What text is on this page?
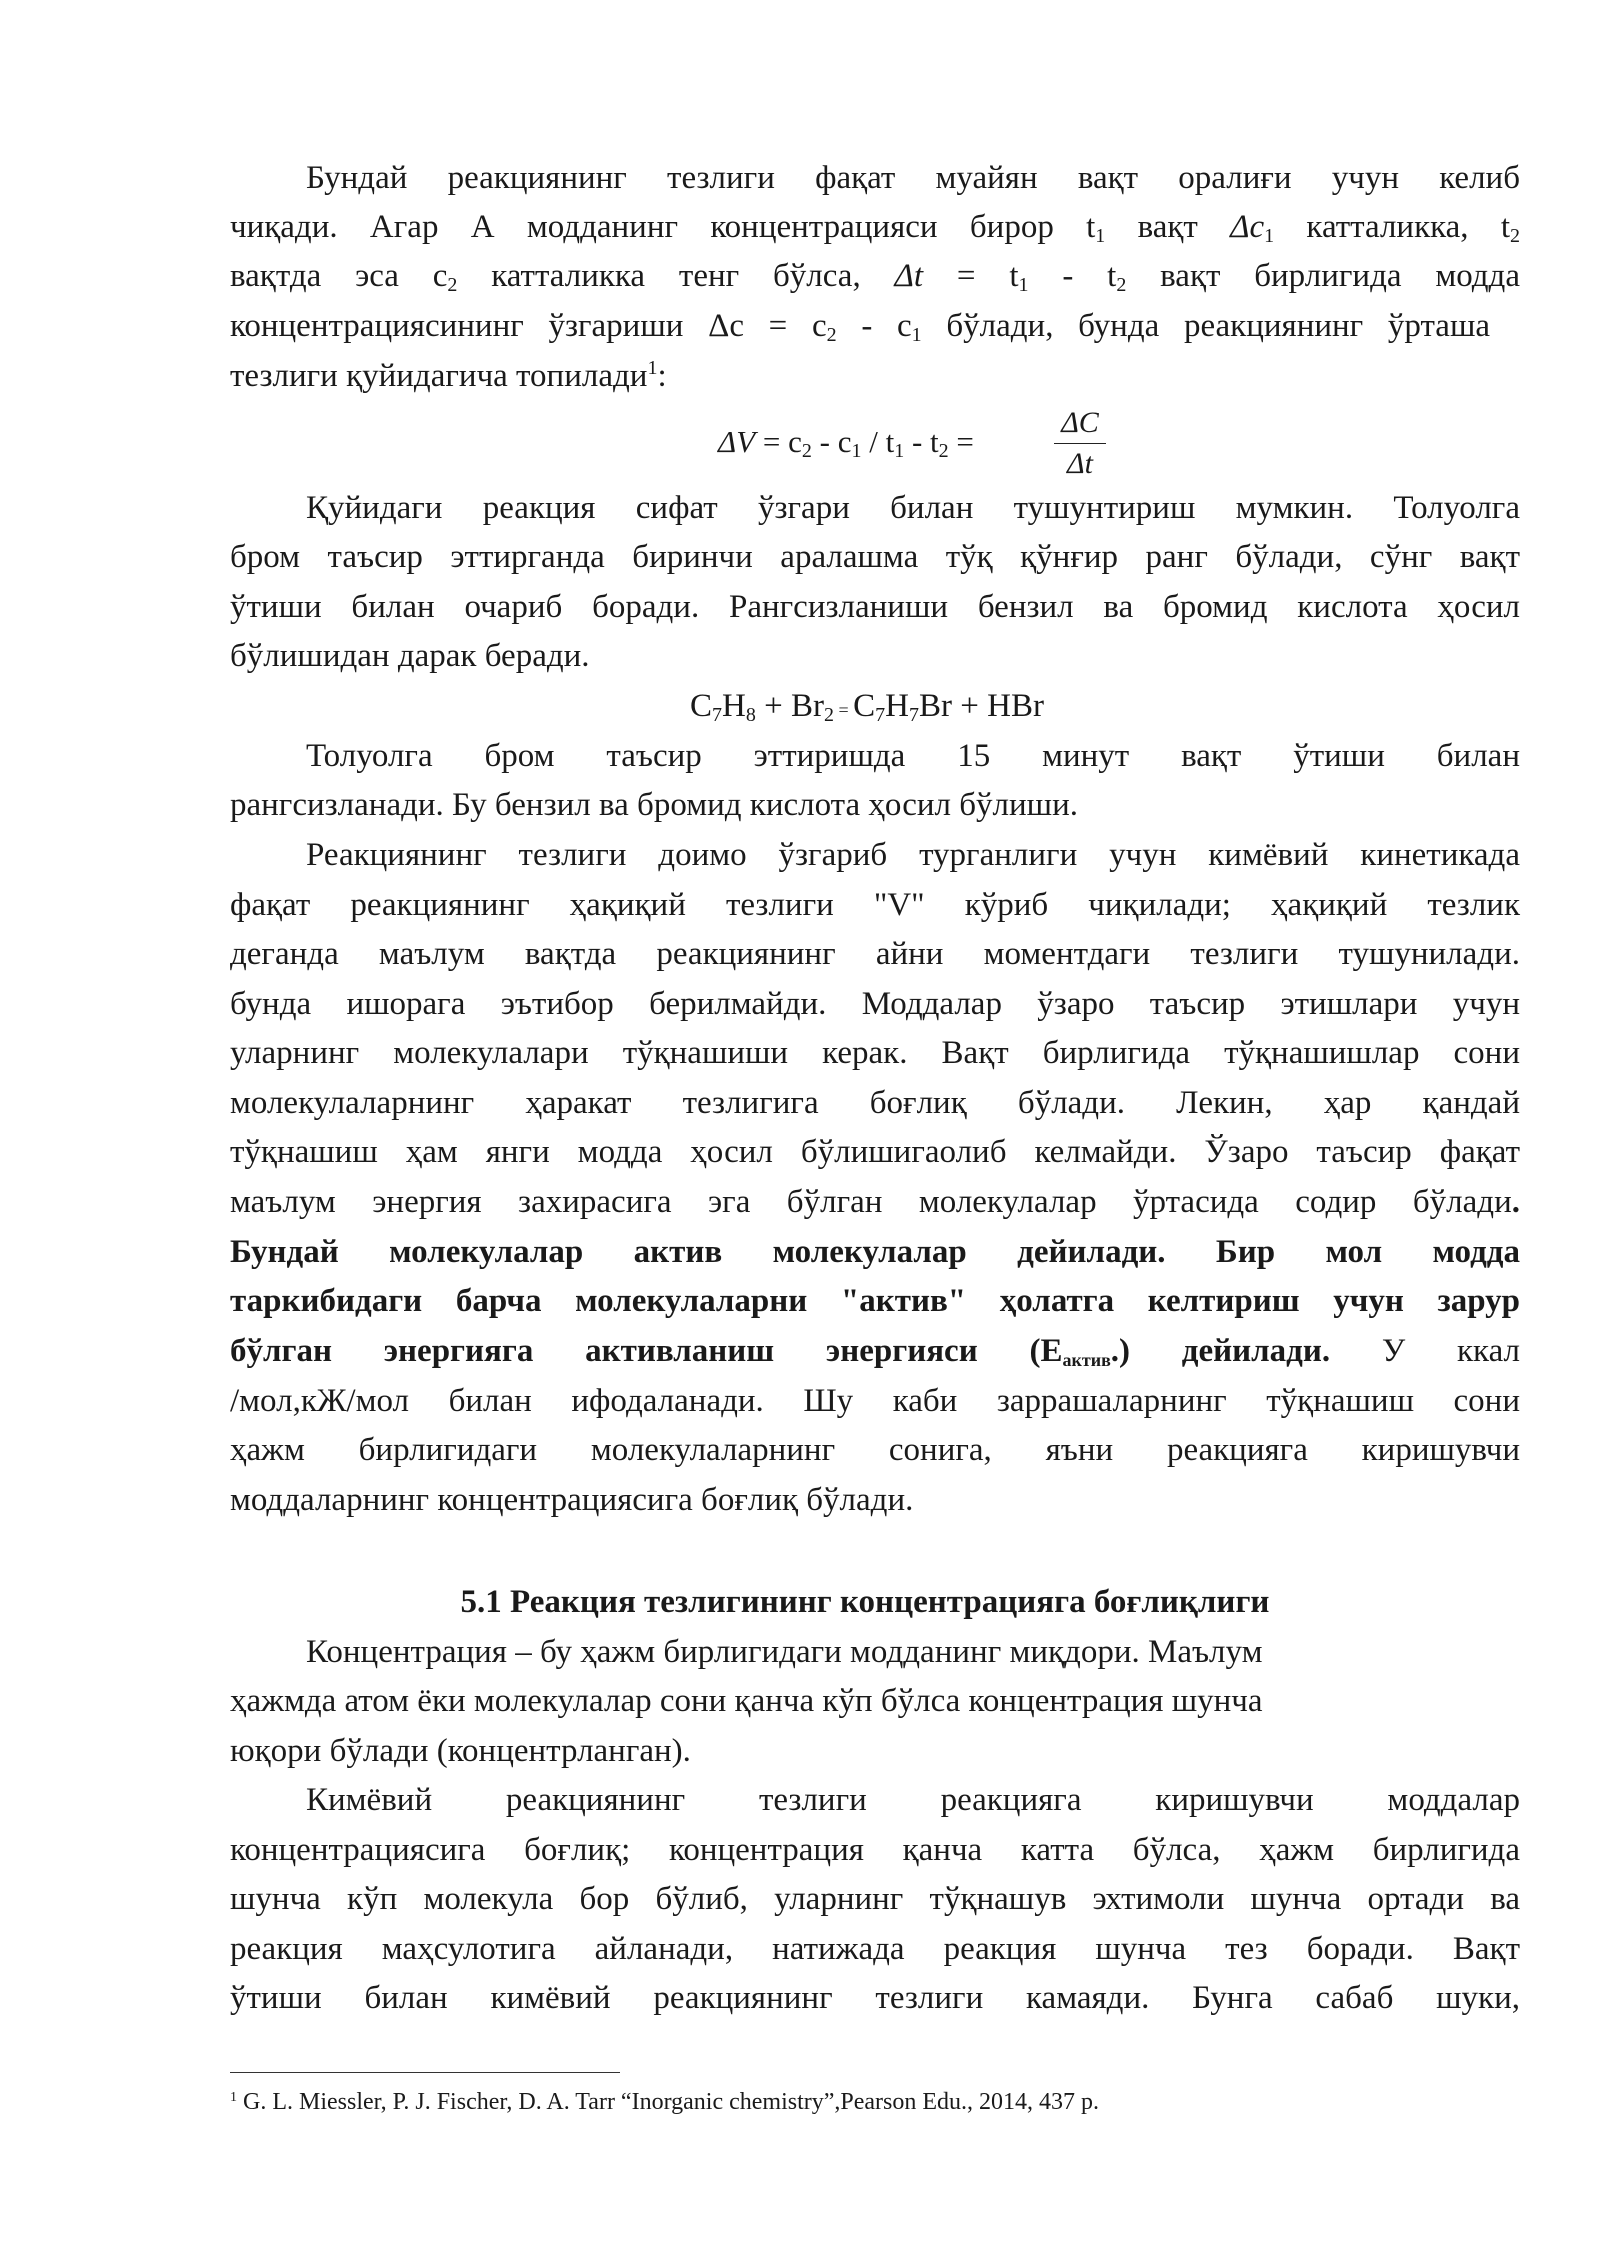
Бундай реакциянинг тезлиги фақат муайян вақт оралиғи учун келиб
чиқади. Агар А модданинг концентрацияси бирор $t_1$ вақт $\Delta c_1$ катталикка, $t_2$
вақтда эса $с_2$ катталикка тенг бўлса, $\Delta t = t_1 - t_2$ вақт бирлигида модда
концентрациясининг ўзгариши $\Delta с = с_2 - с_1$ бўлади, бунда реакциянинг ўрташа
тезлиги қуйидагича топилади$^1$:
$\Delta V = c_2 - c_1 / t_1 - t_2$ =
ΔC
Δt
Қуйидаги реакция сифат ўзгари билан тушунтириш мумкин. Толуолга
бром таъсир эттирганда биринчи аралашма тўқ қўнғир ранг бўлади, сўнг вақт
ўтиши билан очариб боради. Рангсизланиши бензил ва бромид кислота ҳосил
бўлишидан дарак беради.
$C_7H_8 + Br_2 = C_7H_7Br$ + HBr
Толуолга бром таъсир эттиришда 15 минут вақт ўтиши билан
рангсизланади. Бу бензил ва бромид кислота ҳосил бўлиши.
Реакциянинг тезлиги доимо ўзгариб турганлиги учун кимёвий кинетикада
фақат реакциянинг ҳақиқий тезлиги "V" кўриб чиқилади; ҳақиқий тезлик
деганда маълум вақтда реакциянинг айни моментдаги тезлиги тушунилади.
бунда ишорага эътибор берилмайди. Моддалар ўзаро таъсир этишлари учун
уларнинг молекулалари тўқнашиши керак. Вақт бирлигида тўқнашишлар сони
молекулаларнинг ҳаракат тезлигига боғлиқ бўлади. Лекин, ҳар қандай
тўқнашиш ҳам янги модда ҳосил бўлишигаолиб келмайди. Ўзаро таъсир фақат
маълум энергия захирасига эга бўлган молекулалар ўртасида содир бўлади.
Бундай молекулалар актив молекулалар дейилади. Бир мол модда
таркибидаги барча молекулаларни "актив" ҳолатга келтириш учун зарур
бўлган энергияга активланиш энергияси $(Е_{актив}.)$ дейилади. У ккал
/мол,кЖ/мол билан ифодаланади. Шу каби заррашаларнинг тўқнашиш сони
ҳажм бирлигидаги молекулаларнинг сонига, яъни реакцияга киришувчи
моддаларнинг концентрациясига боғлиқ бўлади.
5.1 Реакция тезлигининг концентрацияга боғлиқлиги
Концентрация – бу ҳажм бирлигидаги модданинг миқдори. Маълум
ҳажмда атом ёки молекулалар сони қанча кўп бўлса концентрация шунча
юқори бўлади (концентрланган).
Кимёвий реакциянинг тезлиги реакцияга киришувчи моддалар
концентрациясига боғлиқ; концентрация қанча катта бўлса, ҳажм бирлигида
шунча кўп молекула бор бўлиб, уларнинг тўқнашув эхтимоли шунча ортади ва
реакция маҳсулотига айланади, натижада реакция шунча тез боради. Вақт
ўтиши билан кимёвий реакциянинг тезлиги камаяди. Бунга сабаб шуки,
$^1$ G. L. Miessler, P. J. Fischer, D. A. Tarr “Inorganic chemistry”,Pearson Edu., 2014, 437 p.
